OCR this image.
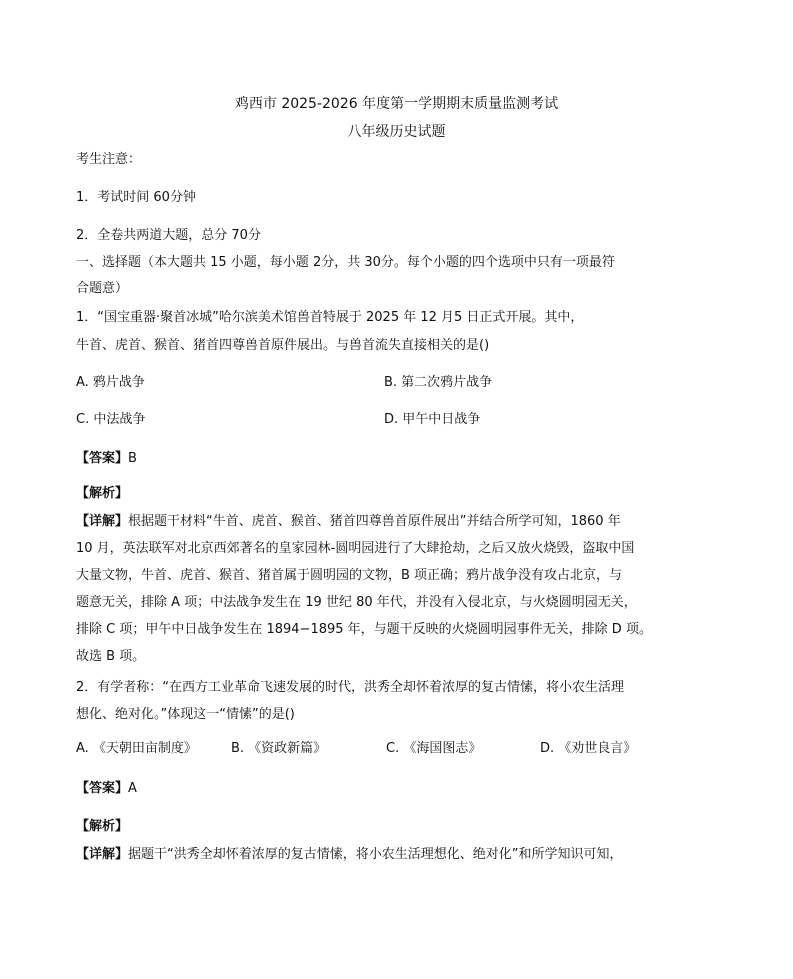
鸡西市 2025-2026 年度第一学期期末质量监测考试
八年级历史试题
考生注意：
1．考试时间 60分钟
2．全卷共两道大题，总分 70分
一、选择题（本大题共 15 小题，每小题 2分，共 30分。每个小题的四个选项中只有一项最符
合题意）
1．“国宝重器·聚首冰城”哈尔滨美术馆兽首特展于 2025 年 12 月5 日正式开展。其中，
牛首、虎首、猴首、猪首四尊兽首原件展出。与兽首流失直接相关的是()
A. 鸦片战争	B. 第二次鸦片战争
C. 中法战争	D. 甲午中日战争
【答案】B
【解析】
【详解】根据题干材料“牛首、虎首、猴首、猪首四尊兽首原件展出”并结合所学可知，1860 年
10 月，英法联军对北京西郊著名的皇家园林-圆明园进行了大肆抢劫，之后又放火烧毁，盗取中国
大量文物，牛首、虎首、猴首、猪首属于圆明园的文物，B 项正确；鸦片战争没有攻占北京，与
题意无关，排除 A 项；中法战争发生在 19 世纪 80 年代，并没有入侵北京，与火烧圆明园无关，
排除 C 项；甲午中日战争发生在 1894−1895 年，与题干反映的火烧圆明园事件无关，排除 D 项。
故选 B 项。
2．有学者称：“在西方工业革命飞速发展的时代，洪秀全却怀着浓厚的复古情愫，将小农生活理
想化、绝对化。”体现这一“情愫”的是()
A. 《天朝田亩制度》	B. 《资政新篇》	C. 《海国图志》	D. 《劝世良言》
【答案】A
【解析】
【详解】据题干“洪秀全却怀着浓厚的复古情愫，将小农生活理想化、绝对化”和所学知识可知，
